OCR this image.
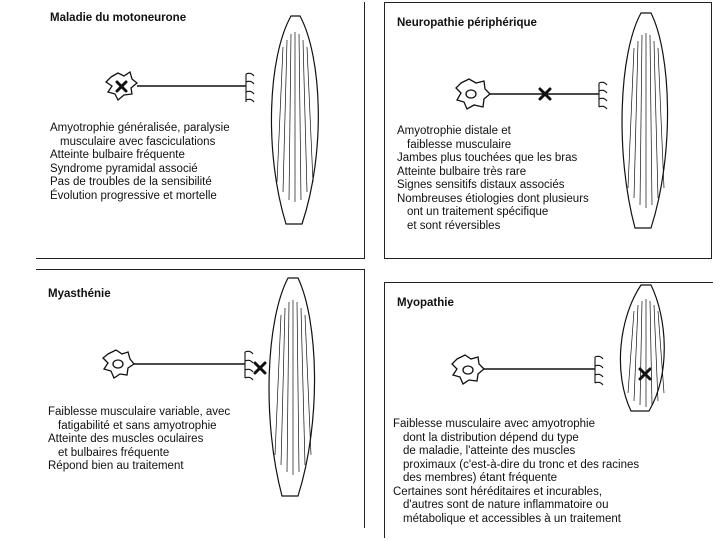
Maladie du motoneurone
Amyotrophie généralisée, paralysie
musculaire avec fasciculations
Atteinte bulbaire fréquente
Syndrome pyramidal associé
Pas de troubles de la sensibilité
Évolution progressive et mortelle
Neuropathie périphérique
Amyotrophie distale et
faiblesse musculaire
Jambes plus touchées que les bras
Atteinte bulbaire très rare
Signes sensitifs distaux associés
Nombreuses étiologies dont plusieurs
ont un traitement spécifique
et sont réversibles
Myasthénie
Faiblesse musculaire variable, avec
fatigabilité et sans amyotrophie
Atteinte des muscles oculaires
et bulbaires fréquente
Répond bien au traitement
Myopathie
Faiblesse musculaire avec amyotrophie
dont la distribution dépend du type
de maladie, l'atteinte des muscles
proximaux (c'est-à-dire du tronc et des racines
des membres) étant fréquente
Certaines sont héréditaires et incurables,
d'autres sont de nature inflammatoire ou
métabolique et accessibles à un traitement
